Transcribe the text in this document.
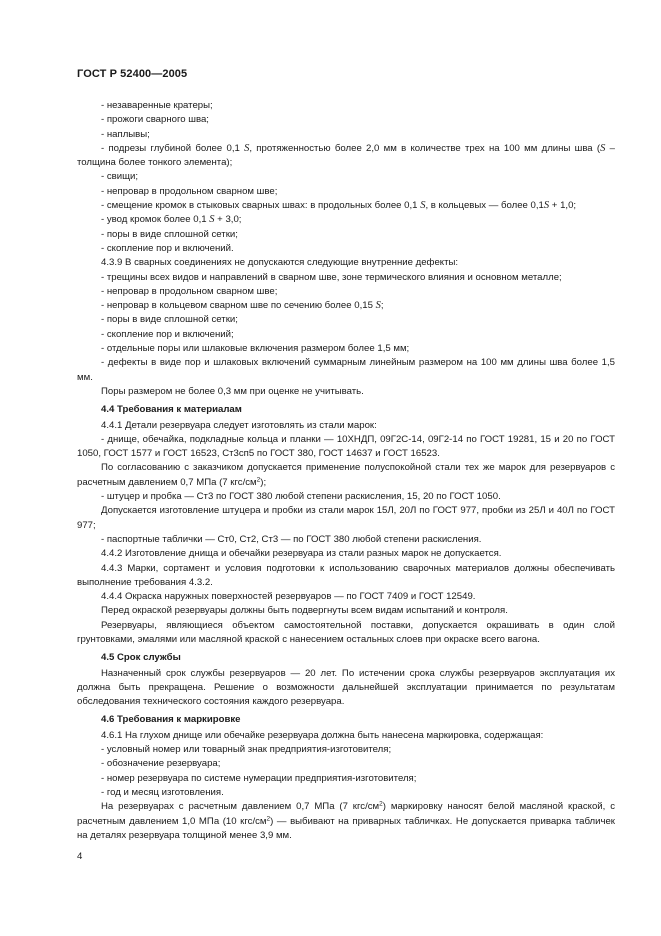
ГОСТ Р 52400—2005

- незаваренные кратеры;

- прожоги сварного шва;

- наплывы;

- подрезы глубиной более 0,1 S, протяженностью более 2,0 мм в количестве трех на 100 мм длины шва (S – толщина более тонкого элемента);

- свищи;

- непровар в продольном сварном шве;

- смещение кромок в стыковых сварных швах: в продольных более 0,1 S, в кольцевых — более 0,1S + 1,0;

- увод кромок более 0,1 S + 3,0;

- поры в виде сплошной сетки;

- скопление пор и включений.

4.3.9 В сварных соединениях не допускаются следующие внутренние дефекты:

- трещины всех видов и направлений в сварном шве, зоне термического влияния и основном металле;

- непровар в продольном сварном шве;

- непровар в кольцевом сварном шве по сечению более 0,15 S;

- поры в виде сплошной сетки;

- скопление пор и включений;

- отдельные поры или шлаковые включения размером более 1,5 мм;

- дефекты в виде пор и шлаковых включений суммарным линейным размером на 100 мм длины шва более 1,5 мм.

Поры размером не более 0,3 мм при оценке не учитывать.

4.4 Требования к материалам

4.4.1 Детали резервуара следует изготовлять из стали марок:

- днище, обечайка, подкладные кольца и планки — 10ХНДП, 09Г2С-14, 09Г2-14 по ГОСТ 19281, 15 и 20 по ГОСТ 1050, ГОСТ 1577 и ГОСТ 16523, Ст3сп5 по ГОСТ 380, ГОСТ 14637 и ГОСТ 16523.

По согласованию с заказчиком допускается применение полуспокойной стали тех же марок для резервуаров с расчетным давлением 0,7 МПа (7 кгс/$см^2$);

- штуцер и пробка — Ст3 по ГОСТ 380 любой степени раскисления, 15, 20 по ГОСТ 1050.

Допускается изготовление штуцера и пробки из стали марок 15Л, 20Л по ГОСТ 977, пробки из 25Л и 40Л по ГОСТ 977;

- паспортные таблички — Ст0, Ст2, Ст3 — по ГОСТ 380 любой степени раскисления.

4.4.2 Изготовление днища и обечайки резервуара из стали разных марок не допускается.

4.4.3 Марки, сортамент и условия подготовки к использованию сварочных материалов должны обеспечивать выполнение требования 4.3.2.

4.4.4 Окраска наружных поверхностей резервуаров — по ГОСТ 7409 и ГОСТ 12549.

Перед окраской резервуары должны быть подвергнуты всем видам испытаний и контроля.

Резервуары, являющиеся объектом самостоятельной поставки, допускается окрашивать в один слой грунтовками, эмалями или масляной краской с нанесением остальных слоев при окраске всего вагона.

4.5 Срок службы

Назначенный срок службы резервуаров — 20 лет. По истечении срока службы резервуаров эксплуатация их должна быть прекращена. Решение о возможности дальнейшей эксплуатации принимается по результатам обследования технического состояния каждого резервуара.

4.6 Требования к маркировке

4.6.1 На глухом днище или обечайке резервуара должна быть нанесена маркировка, содержащая:

- условный номер или товарный знак предприятия-изготовителя;

- обозначение резервуара;

- номер резервуара по системе нумерации предприятия-изготовителя;

- год и месяц изготовления.

На резервуарах с расчетным давлением 0,7 МПа (7 кгс/$см^2$) маркировку наносят белой масляной краской, с расчетным давлением 1,0 МПа (10 кгс/$см^2$) — выбивают на приварных табличках. Не допускается приварка табличек на деталях резервуара толщиной менее 3,9 мм.

4
